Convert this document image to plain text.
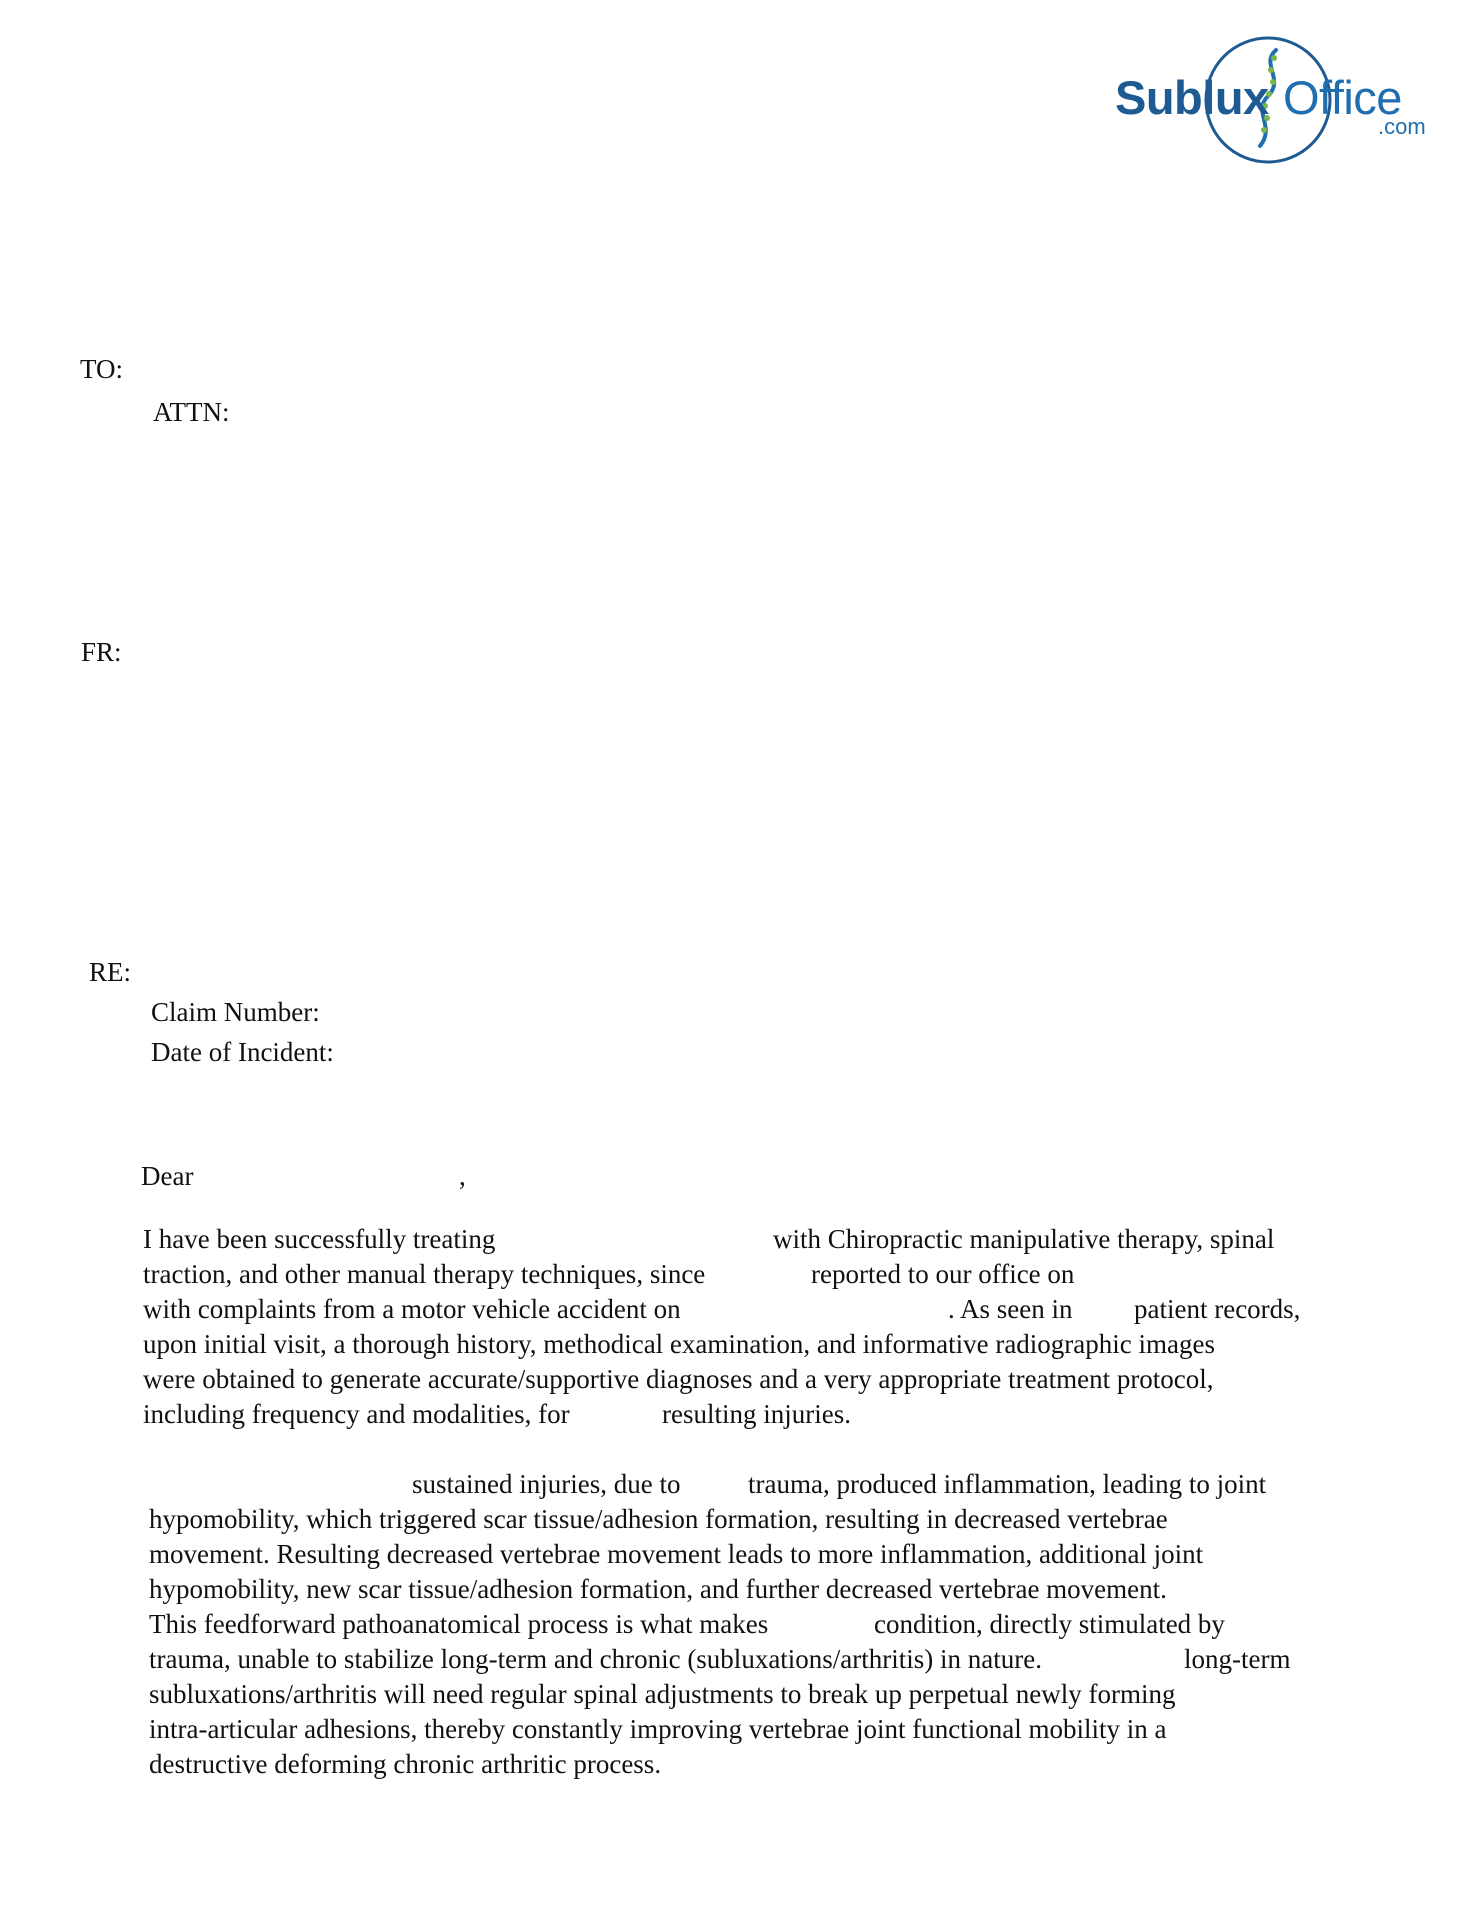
Sublux Office
.com
TO:
ATTN:
FR:
RE:
Claim Number:
Date of Incident:
Dear	,
I have been successfully treating	with Chiropractic manipulative therapy, spinal
traction, and other manual therapy techniques, since	reported to our office on
with complaints from a motor vehicle accident on	. As seen in patient records,
upon initial visit, a thorough history, methodical examination, and informative radiographic images
were obtained to generate accurate/supportive diagnoses and a very appropriate treatment protocol,
including frequency and modalities, for	resulting injuries.
sustained injuries, due to	trauma, produced inflammation, leading to joint
hypomobility, which triggered scar tissue/adhesion formation, resulting in decreased vertebrae
movement. Resulting decreased vertebrae movement leads to more inflammation, additional joint
hypomobility, new scar tissue/adhesion formation, and further decreased vertebrae movement.
This feedforward pathoanatomical process is what makes	condition, directly stimulated by
trauma, unable to stabilize long-term and chronic (subluxations/arthritis) in nature.	long-term
subluxations/arthritis will need regular spinal adjustments to break up perpetual newly forming
intra-articular adhesions, thereby constantly improving vertebrae joint functional mobility in a
destructive deforming chronic arthritic process.
